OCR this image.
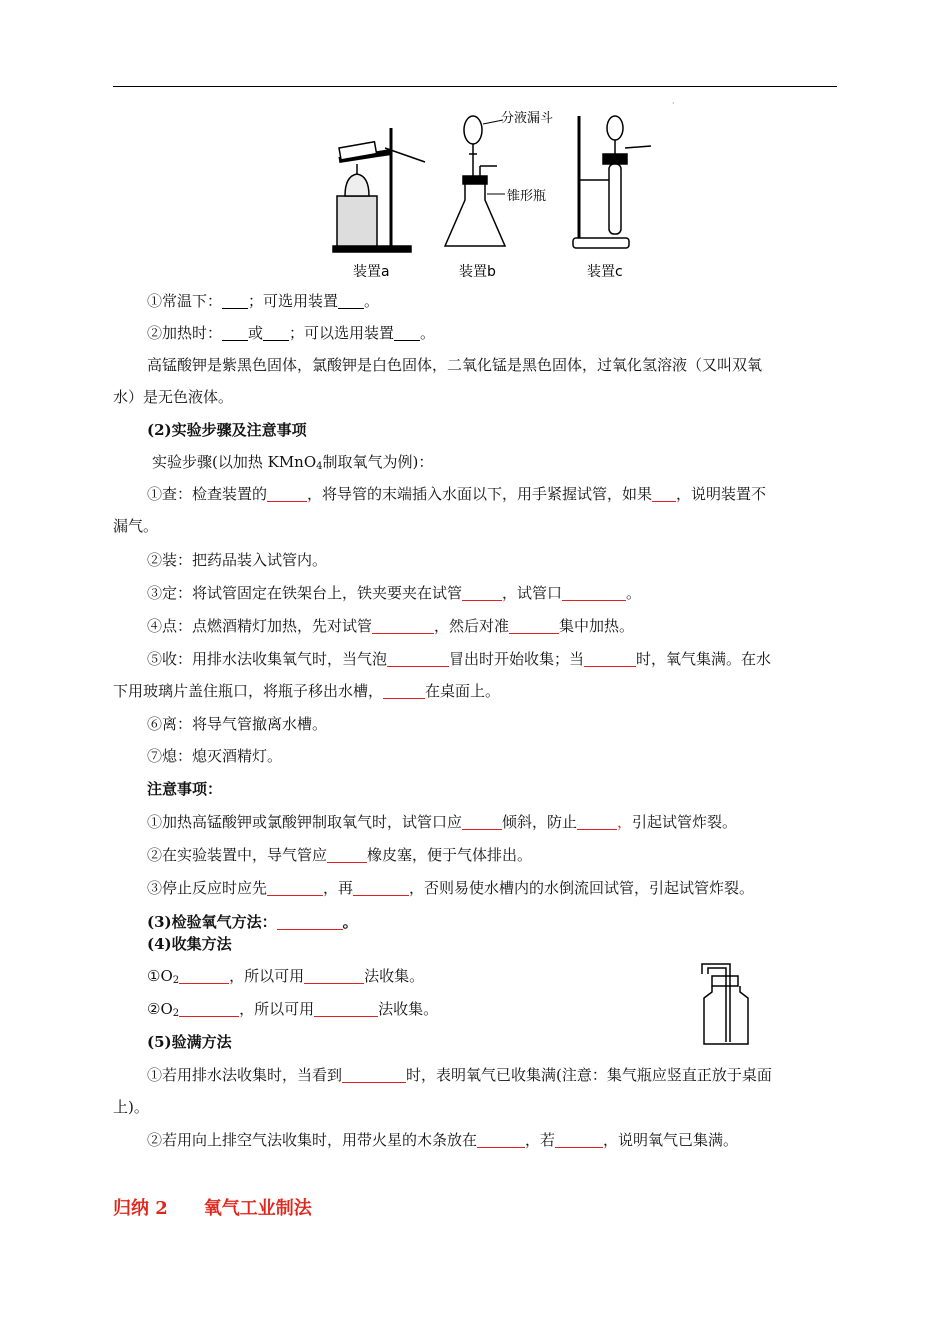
·
分液漏斗
锥形瓶
装置a	装置b	装置c
①常温下： ；可选用装置 。
②加热时： 或 ；可以选用装置 。
高锰酸钾是紫黑色固体，氯酸钾是白色固体，二氧化锰是黑色固体，过氧化氢溶液（又叫双氧
水）是无色液体。
(2)实验步骤及注意事项
实验步骤(以加热 KMnO$_4$制取氧气为例)：
①查：检查装置的	，将导管的末端插入水面以下，用手紧握试管，如果 ，说明装置不
漏气。
②装：把药品装入试管内。
③定：将试管固定在铁架台上，铁夹要夹在试管	，试管口	。
④点：点燃酒精灯加热，先对试管	，然后对准	集中加热。
⑤收：用排水法收集氧气时，当气泡	冒出时开始收集；当	时，氧气集满。在水
下用玻璃片盖住瓶口，将瓶子移出水槽，	在桌面上。
⑥离：将导气管撤离水槽。
⑦熄：熄灭酒精灯。
注意事项：
①加热高锰酸钾或氯酸钾制取氧气时，试管口应	倾斜，防止	，引起试管炸裂。
②在实验装置中，导气管应	橡皮塞，便于气体排出。
③停止反应时应先	，再	，否则易使水槽内的水倒流回试管，引起试管炸裂。
(3)检验氧气方法：	。
(4)收集方法
$①O_2$	，所以可用	法收集。
$②O_2$	，所以可用	法收集。
(5)验满方法
①若用排水法收集时，当看到	时，表明氧气已收集满(注意：集气瓶应竖直正放于桌面
上)。
②若用向上排空气法收集时，用带火星的木条放在	，若	，说明氧气已集满。
归纳 2 氧气工业制法
